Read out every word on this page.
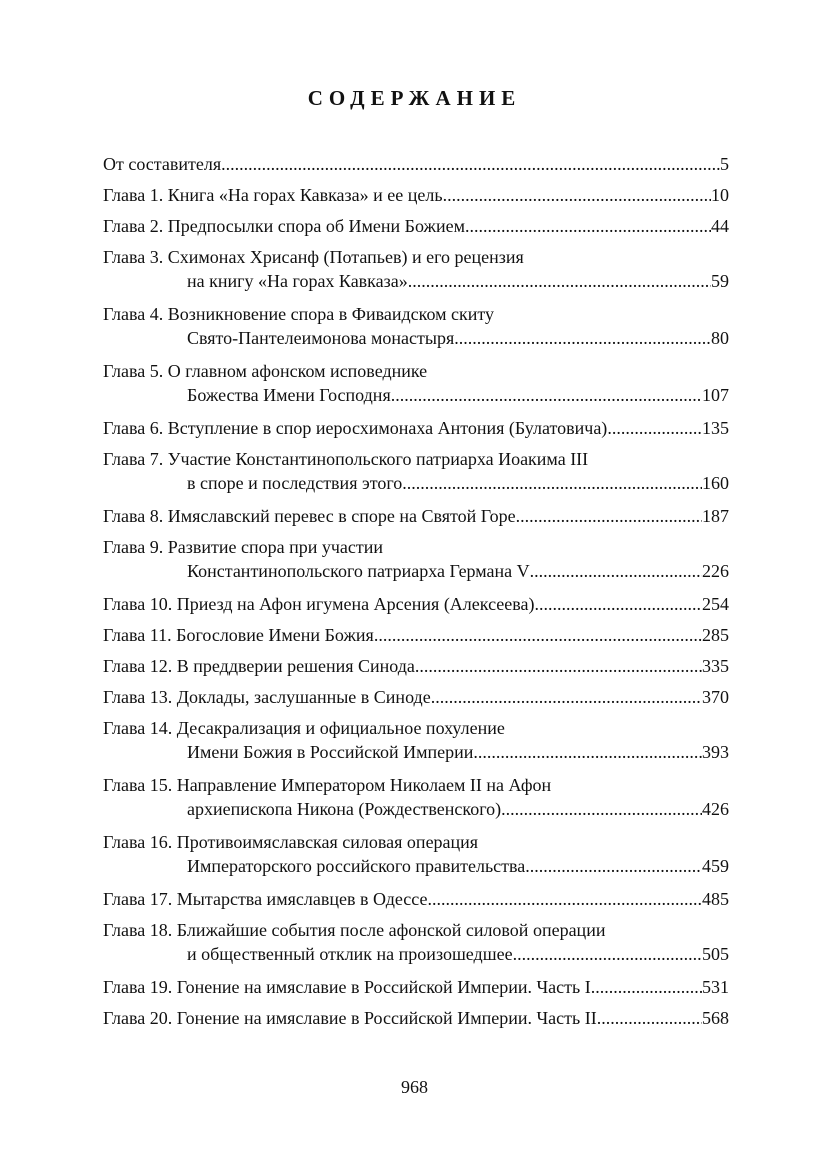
СОДЕРЖАНИЕ
От составителя .....	5
Глава 1. Книга «На горах Кавказа» и ее цель .....	10
Глава 2. Предпосылки спора об Имени Божием .....	44
Глава 3. Схимонах Хрисанф (Потапьев) и его рецензия
на книгу «На горах Кавказа» .....	59
Глава 4. Возникновение спора в Фиваидском скиту
Свято-Пантелеимонова монастыря .....	80
Глава 5. О главном афонском исповеднике
Божества Имени Господня .....	107
Глава 6. Вступление в спор иеросхимонаха Антония (Булатовича) .....	135
Глава 7. Участие Константинопольского патриарха Иоакима III
в споре и последствия этого .....	160
Глава 8. Имяславский перевес в споре на Святой Горе .....	187
Глава 9. Развитие спора при участии
Константинопольского патриарха Германа V .....	226
Глава 10. Приезд на Афон игумена Арсения (Алексеева) .....	254
Глава 11. Богословие Имени Божия .....	285
Глава 12. В преддверии решения Синода .....	335
Глава 13. Доклады, заслушанные в Синоде .....	370
Глава 14. Десакрализация и официальное похуление
Имени Божия в Российской Империи .....	393
Глава 15. Направление Императором Николаем II на Афон
архиепископа Никона (Рождественского) .....	426
Глава 16. Противоимяславская силовая операция
Императорского российского правительства .....	459
Глава 17. Мытарства имяславцев в Одессе .....	485
Глава 18. Ближайшие события после афонской силовой операции
и общественный отклик на произошедшее .....	505
Глава 19. Гонение на имяславие в Российской Империи. Часть I .....	531
Глава 20. Гонение на имяславие в Российской Империи. Часть II .....	568
968
